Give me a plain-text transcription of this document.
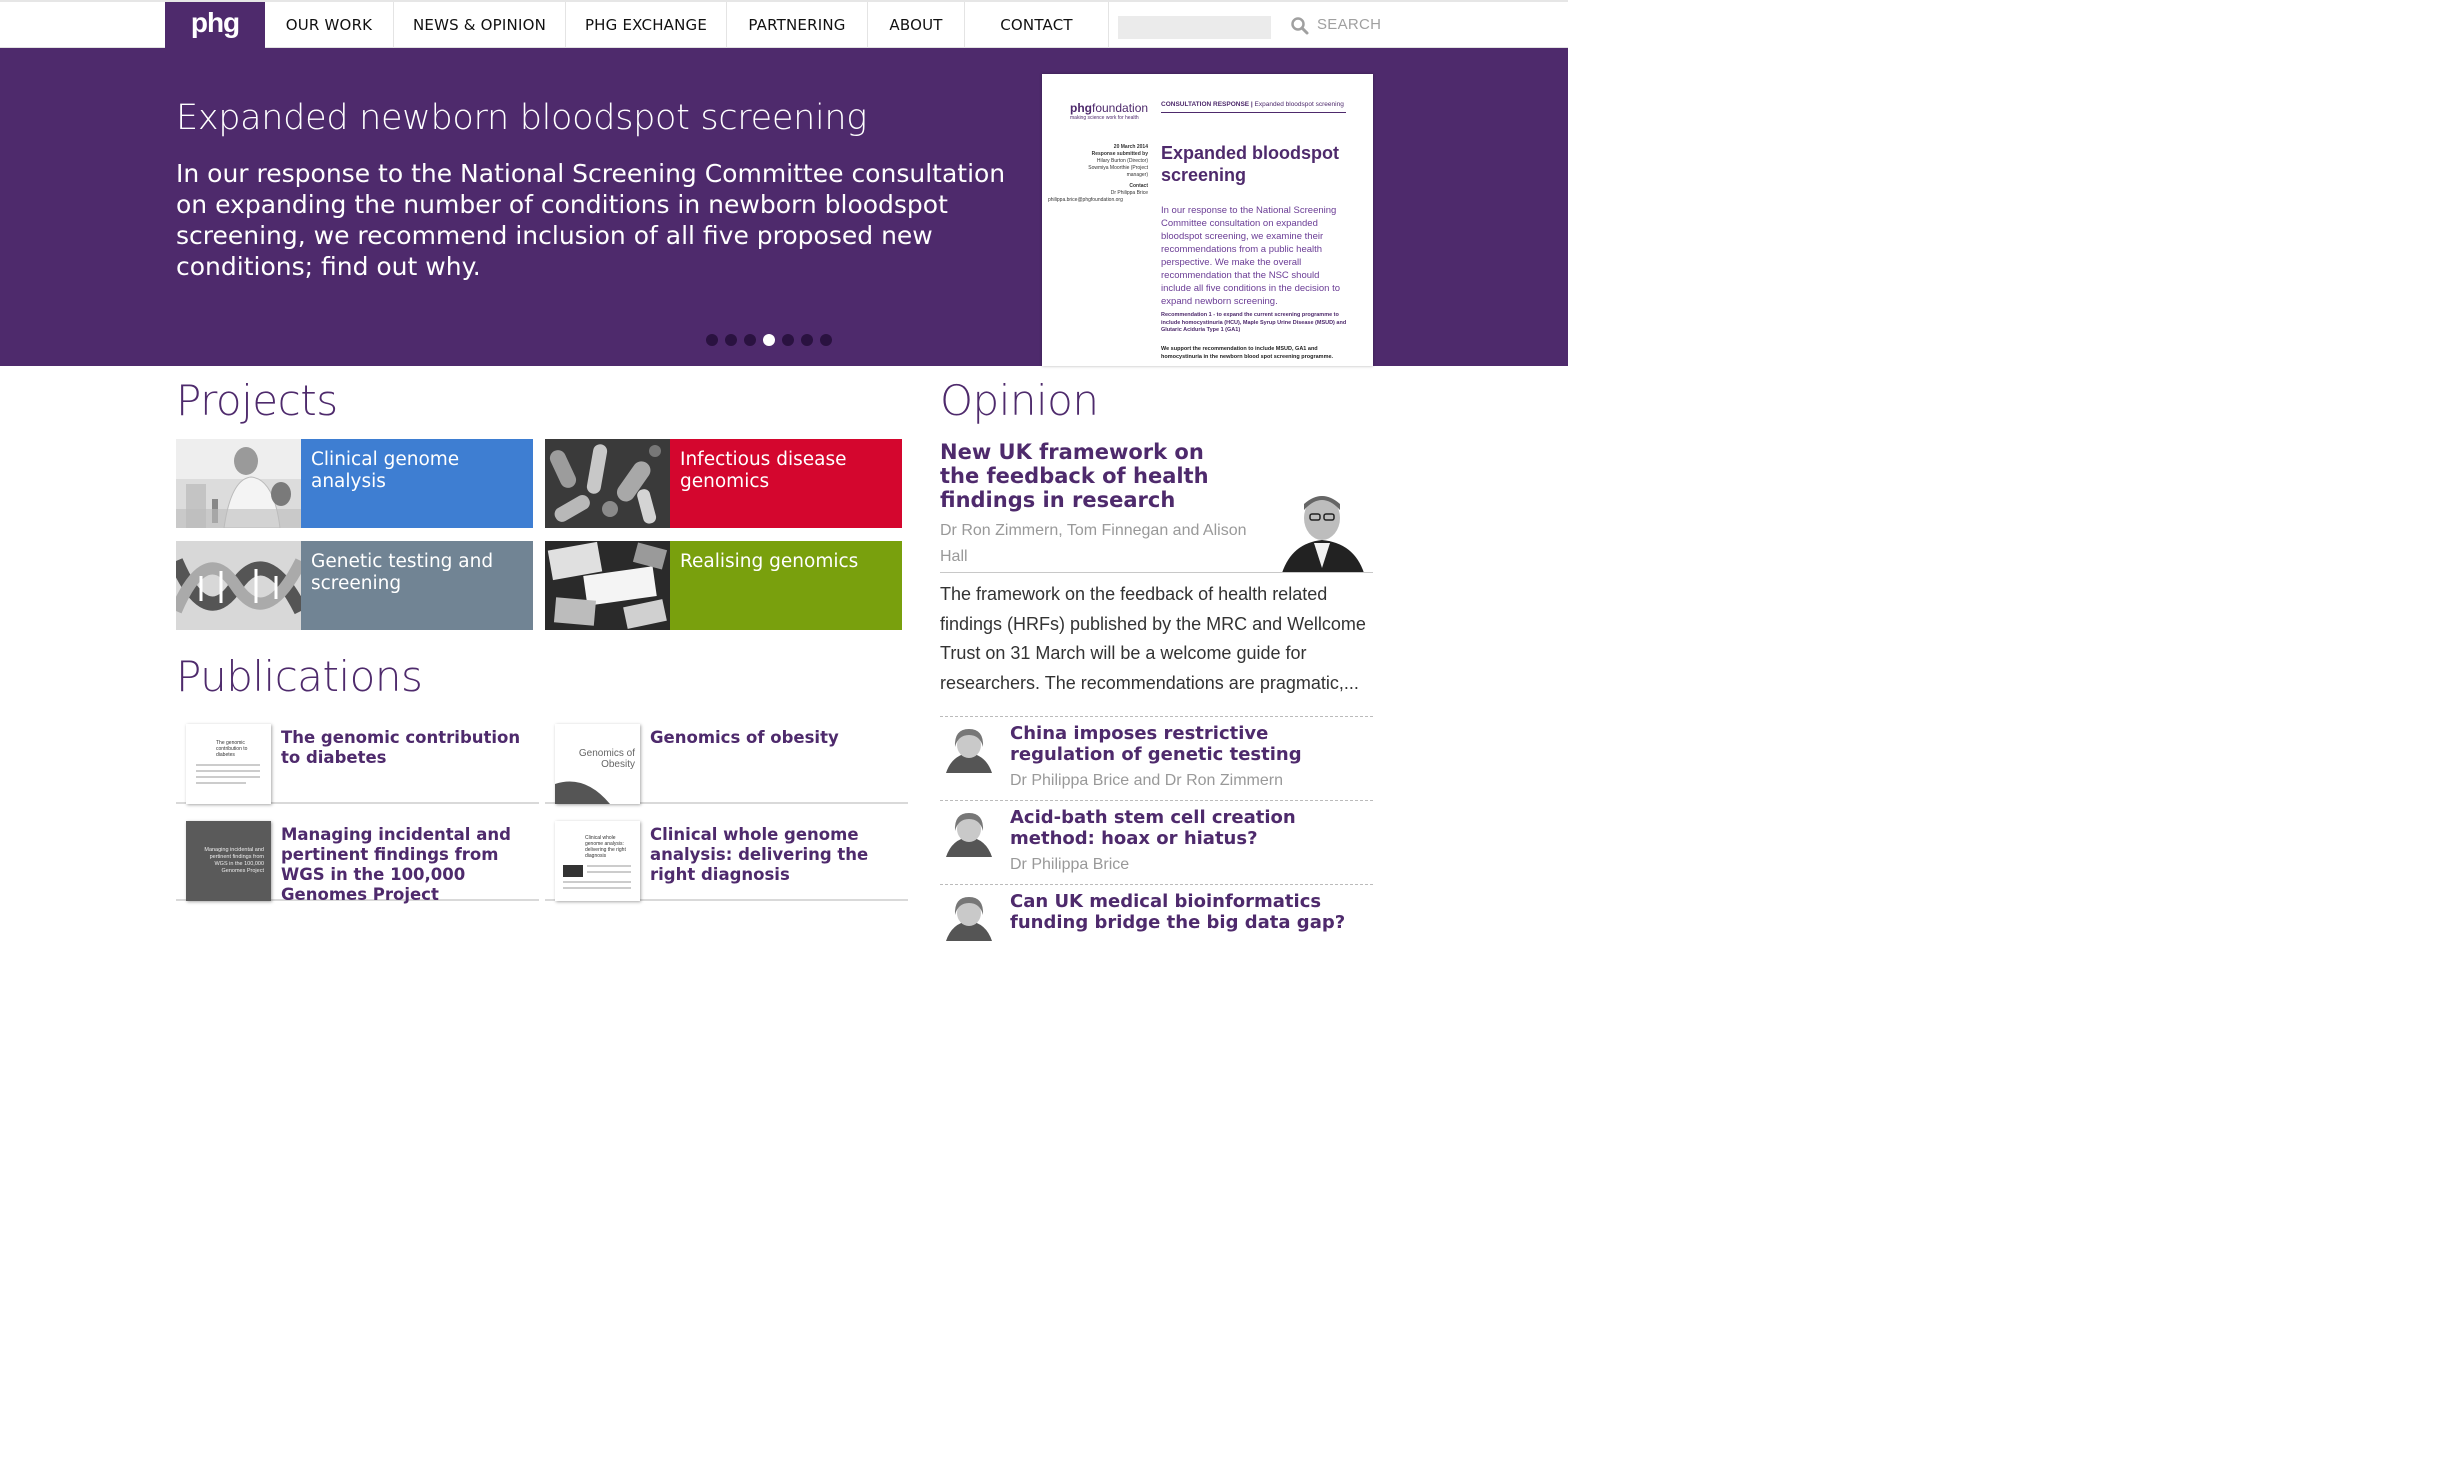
phg	OUR WORK	NEWS & OPINION	PHG EXCHANGE	PARTNERING	ABOUT	CONTACT	SEARCH
Expanded newborn bloodspot screening
In our response to the National Screening Committee consultation on expanding the number of conditions in newborn bloodspot screening, we recommend inclusion of all five proposed new conditions; find out why.
phgfoundation
making science work for health
CONSULTATION RESPONSE | Expanded bloodspot screening
20 March 2014
Response submitted by
Hilary Burton (Director)
Sowmiya Moorthie (Project manager)
Contact
Dr Philippa Brice
philippa.brice@phgfoundation.org
Expanded bloodspot screening
In our response to the National Screening Committee consultation on expanded bloodspot screening, we examine their recommendations from a public health perspective. We make the overall recommendation that the NSC should include all five conditions in the decision to expand newborn screening.
Recommendation 1 - to expand the current screening programme to include homocystinuria (HCU), Maple Syrup Urine Disease (MSUD) and Glutaric Aciduria Type 1 (GA1)
We support the recommendation to include MSUD, GA1 and homocystinuria in the newborn blood spot screening programme.
Projects
Clinical genome analysis
Infectious disease genomics
Genetic testing and screening
Realising genomics
Publications
The genomic contribution to diabetes
The genomic contribution to diabetes	Genomics of Obesity
Genomics of obesity
Managing incidental and pertinent findings from WGS in the 100,000 Genomes Project
Managing incidental and pertinent findings from WGS in the 100,000 Genomes Project
Clinical whole genome analysis: delivering the right diagnosis
Clinical whole genome analysis: delivering the right diagnosis
Opinion
New UK framework on the feedback of health findings in research
Dr Ron Zimmern, Tom Finnegan and Alison Hall
The framework on the feedback of health related findings (HRFs) published by the MRC and Wellcome Trust on 31 March will be a welcome guide for researchers. The recommendations are pragmatic,...
China imposes restrictive regulation of genetic testing
Dr Philippa Brice and Dr Ron Zimmern
Acid-bath stem cell creation method: hoax or hiatus?
Dr Philippa Brice
Can UK medical bioinformatics funding bridge the big data gap?
